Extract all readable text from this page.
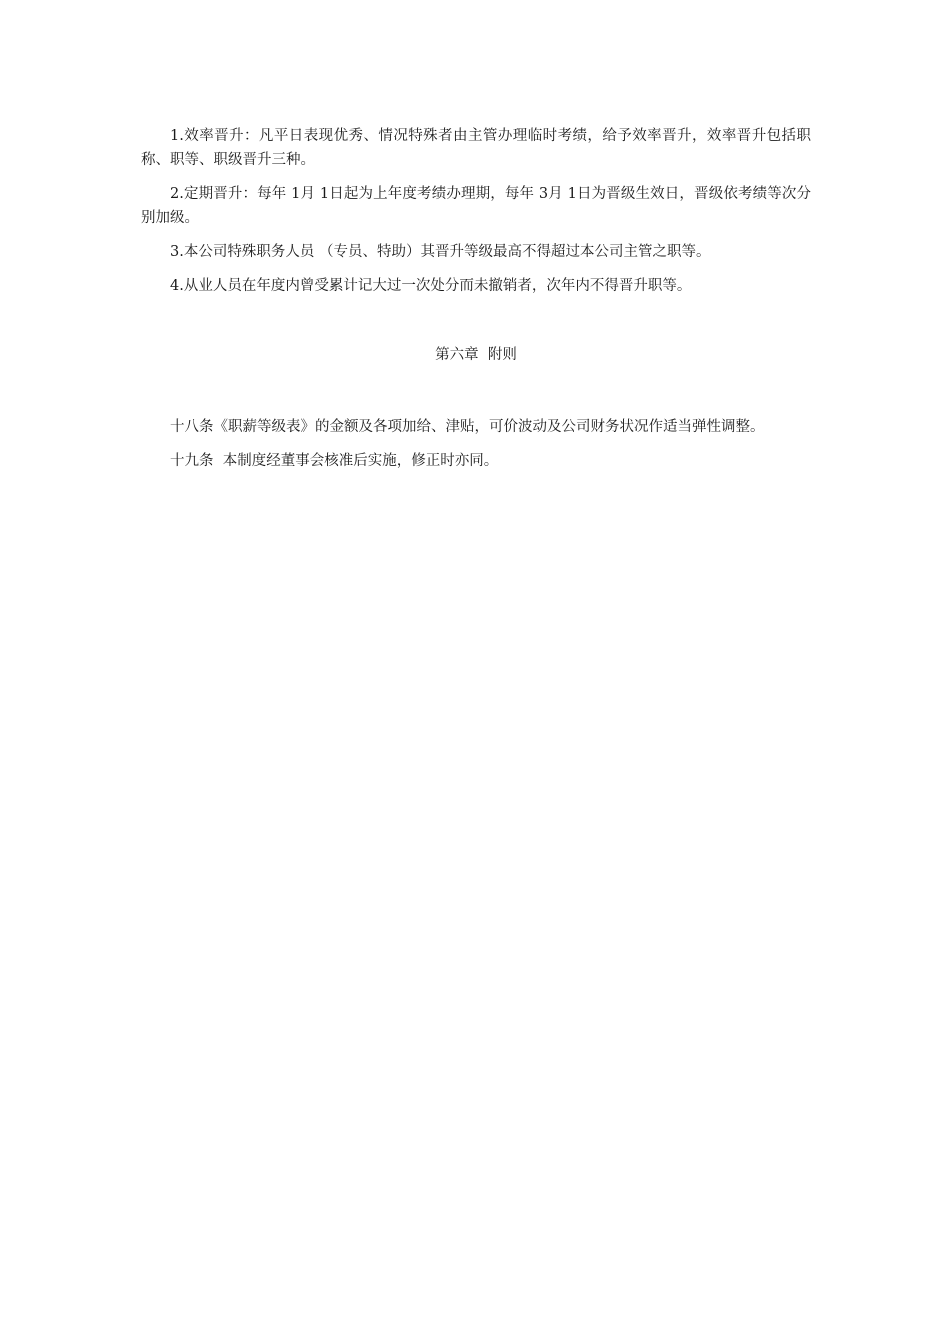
1.效率晋升：凡平日表现优秀、情况特殊者由主管办理临时考绩，给予效率晋升，效率晋升包括职称、职等、职级晋升三种。

2.定期晋升：每年 1月 1日起为上年度考绩办理期，每年 3月 1日为晋级生效日，晋级依考绩等次分别加级。

3.本公司特殊职务人员 （专员、特助）其晋升等级最高不得超过本公司主管之职等。

4.从业人员在年度内曾受累计记大过一次处分而未撤销者，次年内不得晋升职等。

第六章  附则

十八条《职薪等级表》的金额及各项加给、津贴，可价波动及公司财务状况作适当弹性调整。

十九条  本制度经董事会核准后实施，修正时亦同。
